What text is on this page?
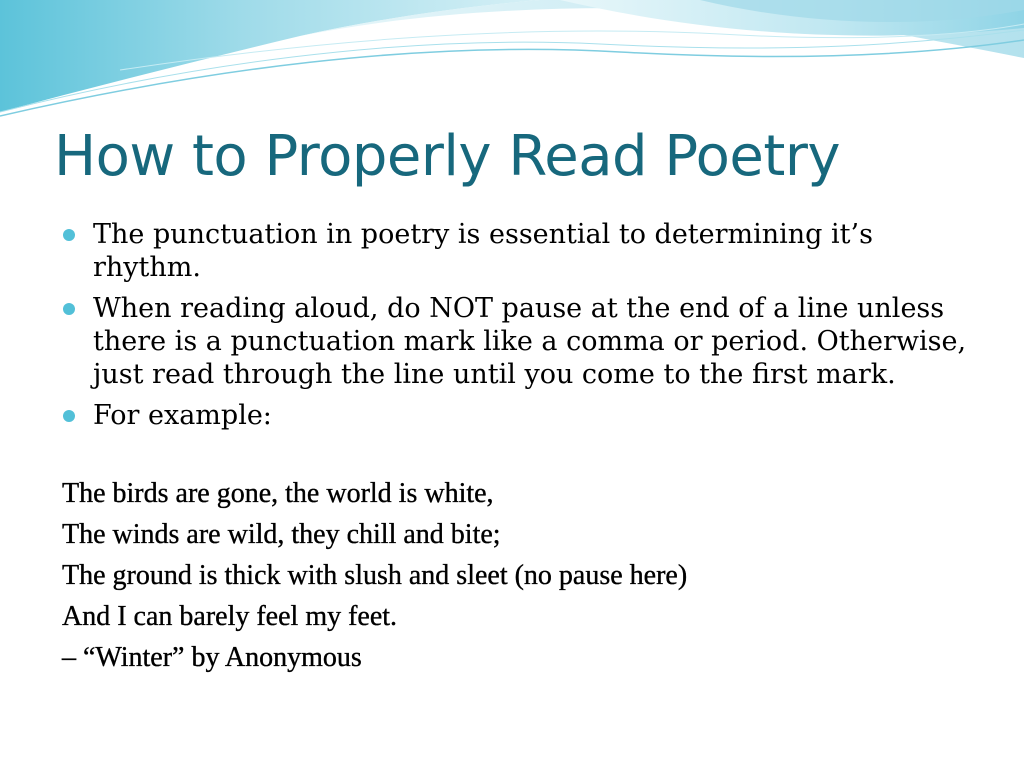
How to Properly Read Poetry
The punctuation in poetry is essential to determining it’s rhythm.
When reading aloud, do NOT pause at the end of a line unless there is a punctuation mark like a comma or period. Otherwise, just read through the line until you come to the first mark.
For example:
The birds are gone, the world is white,
The winds are wild, they chill and bite;
The ground is thick with slush and sleet (no pause here)
And I can barely feel my feet.
– “Winter” by Anonymous
